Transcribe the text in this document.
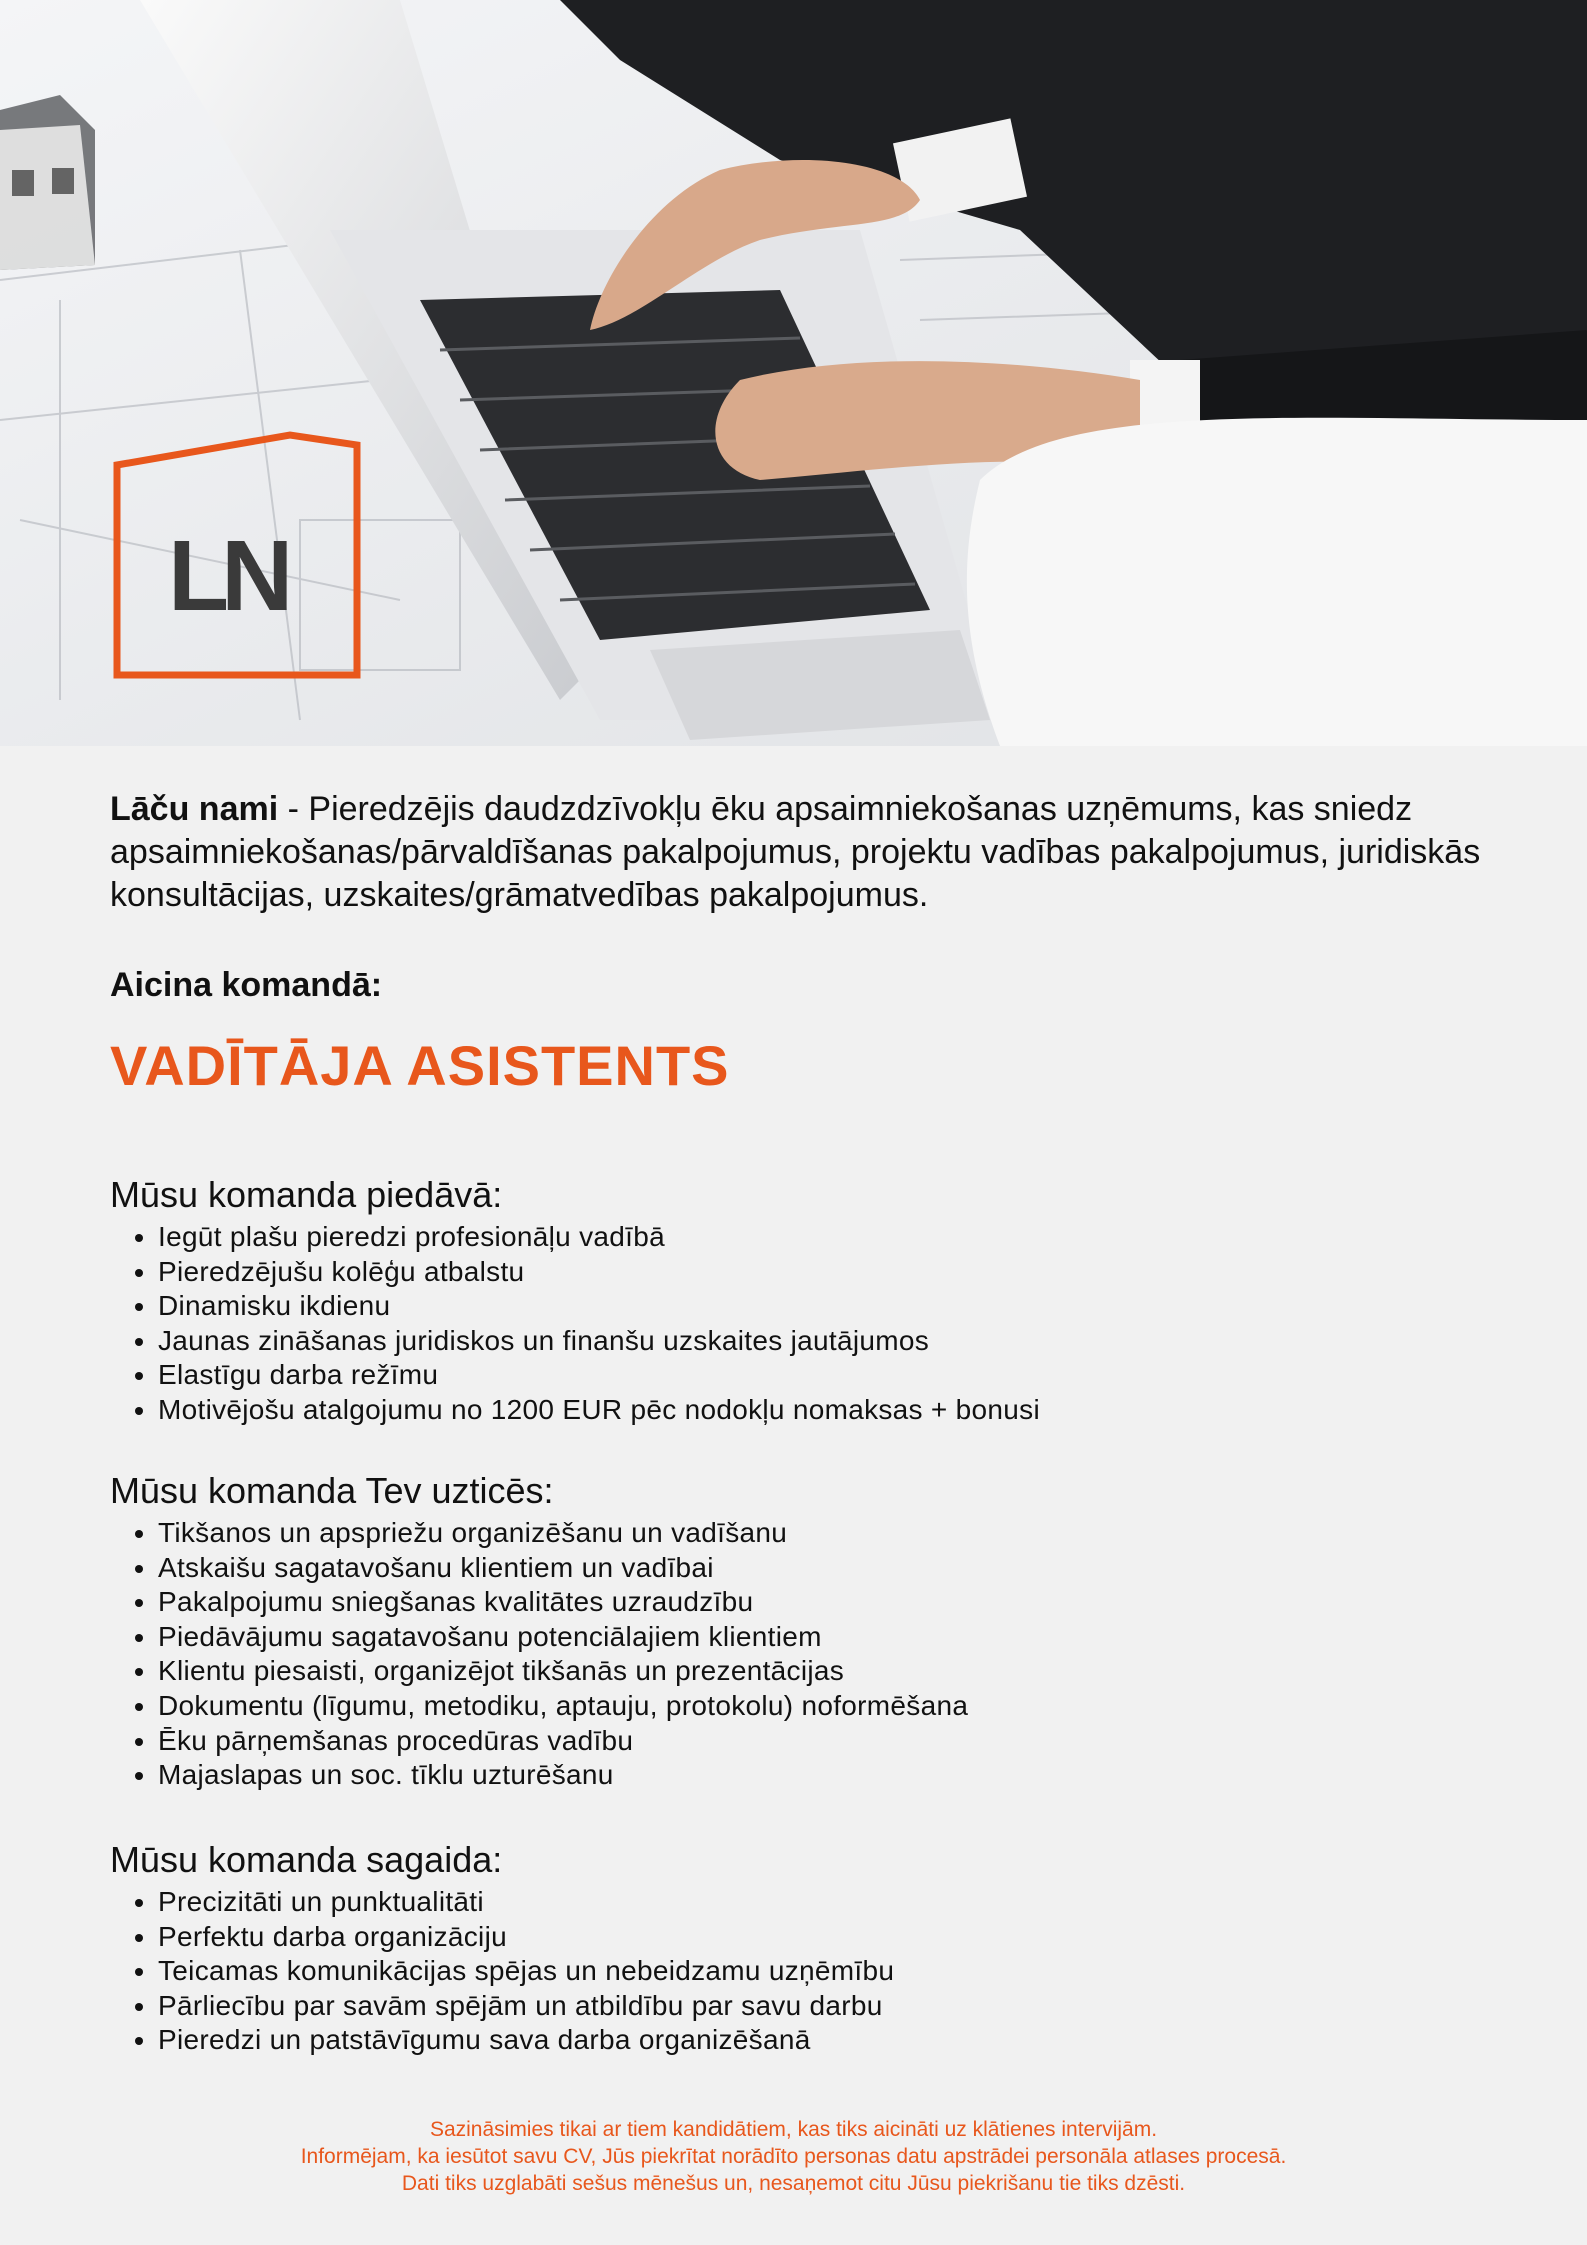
LN

Lāču nami - Pieredzējis daudzdzīvokļu ēku apsaimniekošanas uzņēmums, kas sniedz apsaimniekošanas/pārvaldīšanas pakalpojumus, projektu vadības pakalpojumus, juridiskās konsultācijas, uzskaites/grāmatvedības pakalpojumus.

Aicina komandā:

VADĪTĀJA ASISTENTS
Mūsu komanda piedāvā:
• Iegūt plašu pieredzi profesionāļu vadībā
• Pieredzējušu kolēģu atbalstu
• Dinamisku ikdienu
• Jaunas zināšanas juridiskos un finanšu uzskaites jautājumos
• Elastīgu darba režīmu
• Motivējošu atalgojumu no 1200 EUR pēc nodokļu nomaksas + bonusi
Mūsu komanda Tev uzticēs:
• Tikšanos un apspriežu organizēšanu un vadīšanu
• Atskaišu sagatavošanu klientiem un vadībai
• Pakalpojumu sniegšanas kvalitātes uzraudzību
• Piedāvājumu sagatavošanu potenciālajiem klientiem
• Klientu piesaisti, organizējot tikšanās un prezentācijas
• Dokumentu (līgumu, metodiku, aptauju, protokolu) noformēšana
• Ēku pārņemšanas procedūras vadību
• Majaslapas un soc. tīklu uzturēšanu
Mūsu komanda sagaida:
• Precizitāti un punktualitāti
• Perfektu darba organizāciju
• Teicamas komunikācijas spējas un nebeidzamu uzņēmību
• Pārliecību par savām spējām un atbildību par savu darbu
• Pieredzi un patstāvīgumu sava darba organizēšanā

Sazināsimies tikai ar tiem kandidātiem, kas tiks aicināti uz klātienes intervijām.

Informējam, ka iesūtot savu CV, Jūs piekrītat norādīto personas datu apstrādei personāla atlases procesā.

Dati tiks uzglabāti sešus mēnešus un, nesaņemot citu Jūsu piekrišanu tie tiks dzēsti.
